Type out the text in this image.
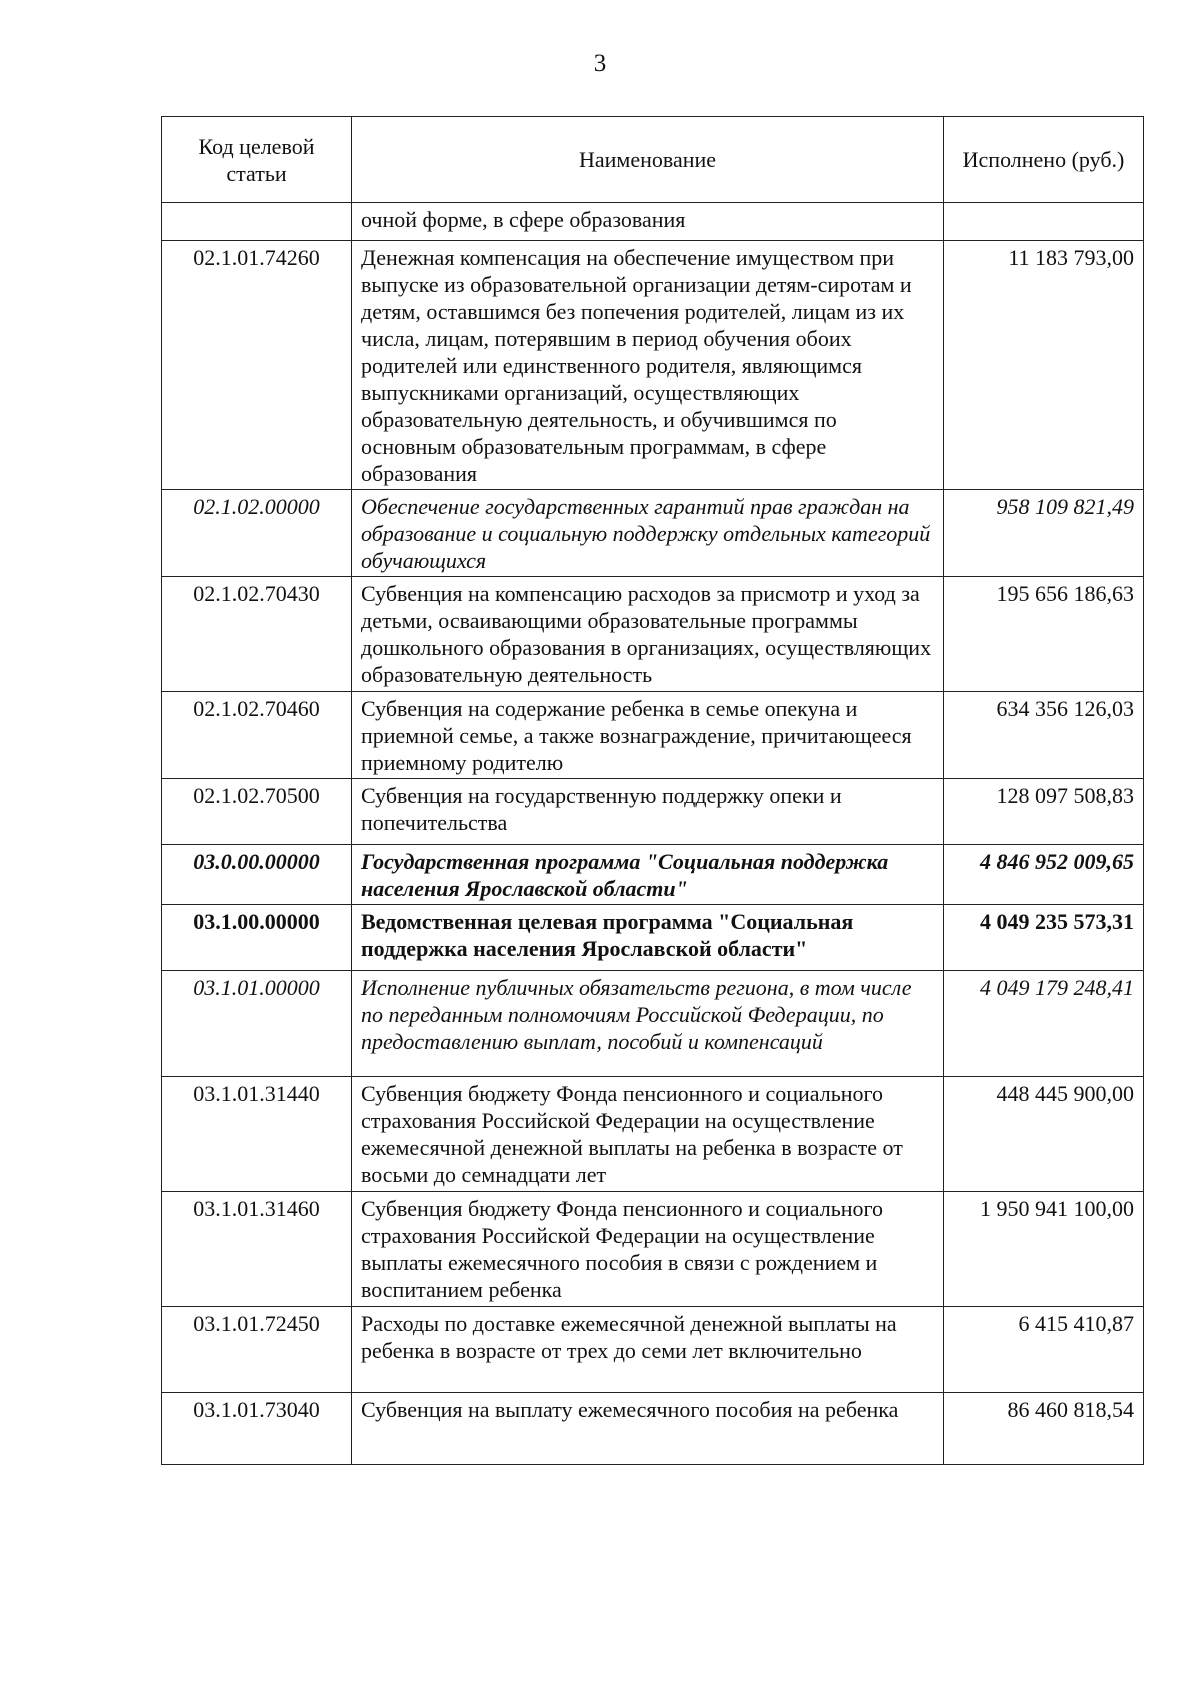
3
Код целевой статьи	Наименование	Исполнено (руб.)
	очной форме, в сфере образования	
02.1.01.74260	Денежная компенсация на обеспечение имуществом при выпуске из образовательной организации детям-сиротам и детям, оставшимся без попечения родителей, лицам из их числа, лицам, потерявшим в период обучения обоих родителей или единственного родителя, являющимся выпускниками организаций, осуществляющих образовательную деятельность, и обучившимся по основным образовательным программам, в сфере образования	11 183 793,00
02.1.02.00000	Обеспечение государственных гарантий прав граждан на образование и социальную поддержку отдельных категорий обучающихся	958 109 821,49
02.1.02.70430	Субвенция на компенсацию расходов за присмотр и уход за детьми, осваивающими образовательные программы дошкольного образования в организациях, осуществляющих образовательную деятельность	195 656 186,63
02.1.02.70460	Субвенция на содержание ребенка в семье опекуна и приемной семье, а также вознаграждение, причитающееся приемному родителю	634 356 126,03
02.1.02.70500	Субвенция на государственную поддержку опеки и попечительства	128 097 508,83
03.0.00.00000	Государственная программа "Социальная поддержка населения Ярославской области"	4 846 952 009,65
03.1.00.00000	Ведомственная целевая программа "Социальная поддержка населения Ярославской области"	4 049 235 573,31
03.1.01.00000	Исполнение публичных обязательств региона, в том числе по переданным полномочиям Российской Федерации, по предоставлению выплат, пособий и компенсаций	4 049 179 248,41
03.1.01.31440	Субвенция бюджету Фонда пенсионного и социального страхования Российской Федерации на осуществление ежемесячной денежной выплаты на ребенка в возрасте от восьми до семнадцати лет	448 445 900,00
03.1.01.31460	Субвенция бюджету Фонда пенсионного и социального страхования Российской Федерации на осуществление выплаты ежемесячного пособия в связи с рождением и воспитанием ребенка	1 950 941 100,00
03.1.01.72450	Расходы по доставке ежемесячной денежной выплаты на ребенка в возрасте от трех до семи лет включительно	6 415 410,87
03.1.01.73040	Субвенция на выплату ежемесячного пособия на ребенка	86 460 818,54
